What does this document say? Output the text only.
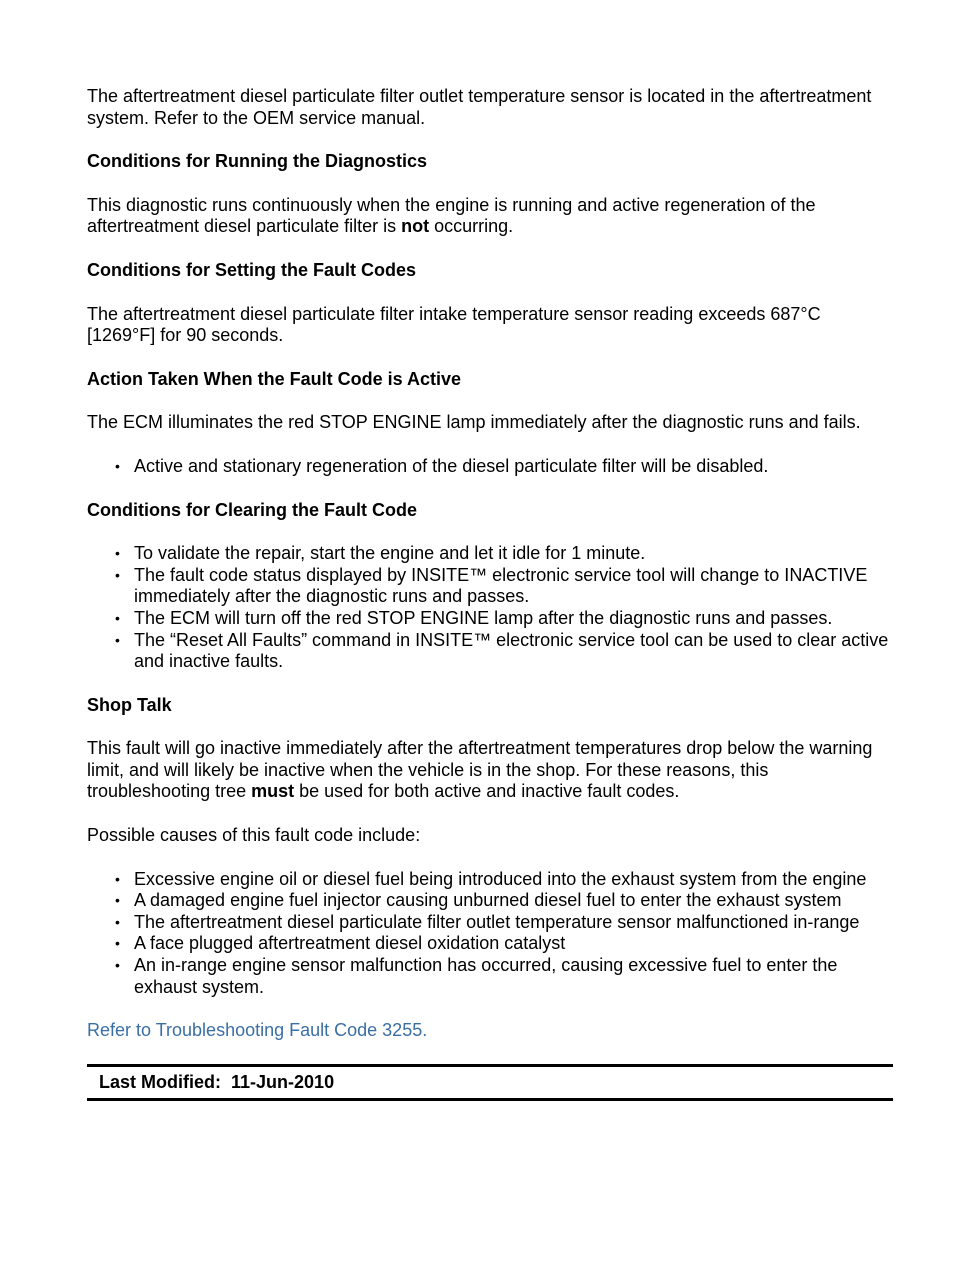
The aftertreatment diesel particulate filter outlet temperature sensor is located in the aftertreatment system. Refer to the OEM service manual.

Conditions for Running the Diagnostics

This diagnostic runs continuously when the engine is running and active regeneration of the aftertreatment diesel particulate filter is not occurring.

Conditions for Setting the Fault Codes

The aftertreatment diesel particulate filter intake temperature sensor reading exceeds 687°C [1269°F] for 90 seconds.

Action Taken When the Fault Code is Active

The ECM illuminates the red STOP ENGINE lamp immediately after the diagnostic runs and fails.

• Active and stationary regeneration of the diesel particulate filter will be disabled.
Conditions for Clearing the Fault Code
• To validate the repair, start the engine and let it idle for 1 minute.
• The fault code status displayed by INSITE™ electronic service tool will change to INACTIVE immediately after the diagnostic runs and passes.
• The ECM will turn off the red STOP ENGINE lamp after the diagnostic runs and passes.
• The “Reset All Faults” command in INSITE™ electronic service tool can be used to clear active and inactive faults.
Shop Talk

This fault will go inactive immediately after the aftertreatment temperatures drop below the warning limit, and will likely be inactive when the vehicle is in the shop. For these reasons, this troubleshooting tree must be used for both active and inactive fault codes.

Possible causes of this fault code include:

• Excessive engine oil or diesel fuel being introduced into the exhaust system from the engine
• A damaged engine fuel injector causing unburned diesel fuel to enter the exhaust system
• The aftertreatment diesel particulate filter outlet temperature sensor malfunctioned in-range
• A face plugged aftertreatment diesel oxidation catalyst
• An in-range engine sensor malfunction has occurred, causing excessive fuel to enter the exhaust system.
Refer to Troubleshooting Fault Code 3255.
Last Modified: 11-Jun-2010
